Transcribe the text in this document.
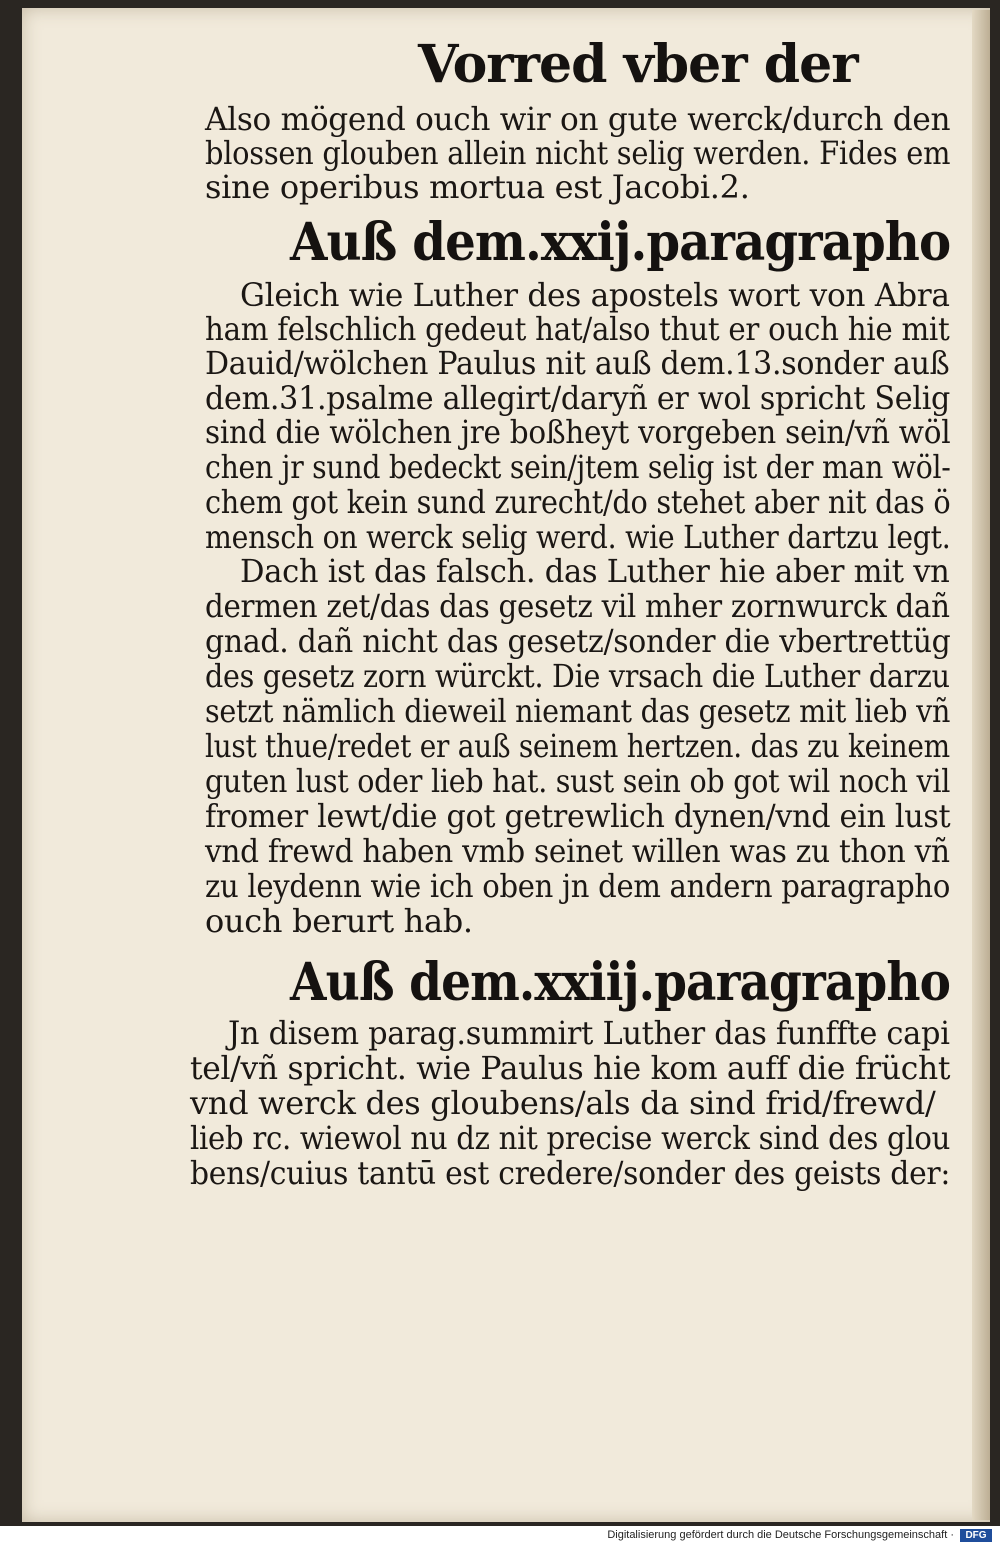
Vorred vber der
Also mögend ouch wir on gute werck/durch den
blossen glouben allein nicht selig werden. Fides em
sine operibus mortua est Jacobi.2.
Auß dem.xxij.paragrapho
Gleich wie Luther des apostels wort von Abra
ham felschlich gedeut hat/also thut er ouch hie mit
Dauid/wölchen Paulus nit auß dem.13.sonder auß
dem.31.psalme allegirt/daryñ er wol spricht Selig
sind die wölchen jre boßheyt vorgeben sein/vñ wöl
chen jr sund bedeckt sein/jtem selig ist der man wöl-
chem got kein sund zurecht/do stehet aber nit das ö
mensch on werck selig werd. wie Luther dartzu legt.
Dach ist das falsch. das Luther hie aber mit vn
dermen zet/das das gesetz vil mher zornwurck dañ
gnad. dañ nicht das gesetz/sonder die vbertrettüg
des gesetz zorn würckt. Die vrsach die Luther darzu
setzt nämlich dieweil niemant das gesetz mit lieb vñ
lust thue/redet er auß seinem hertzen. das zu keinem
guten lust oder lieb hat. sust sein ob got wil noch vil
fromer lewt/die got getrewlich dynen/vnd ein lust
vnd frewd haben vmb seinet willen was zu thon vñ
zu leydenn wie ich oben jn dem andern paragrapho
ouch berurt hab.
Auß dem.xxiij.paragrapho
Jn disem parag.summirt Luther das funffte capi
tel/vñ spricht. wie Paulus hie kom auff die frücht
vnd werck des gloubens/als da sind frid/frewd/
lieb rc. wiewol nu dz nit precise werck sind des glou
bens/cuius tantū est credere/sonder des geists der:
Digitalisierung gefördert durch die Deutsche Forschungsgemeinschaft ·	DFG
